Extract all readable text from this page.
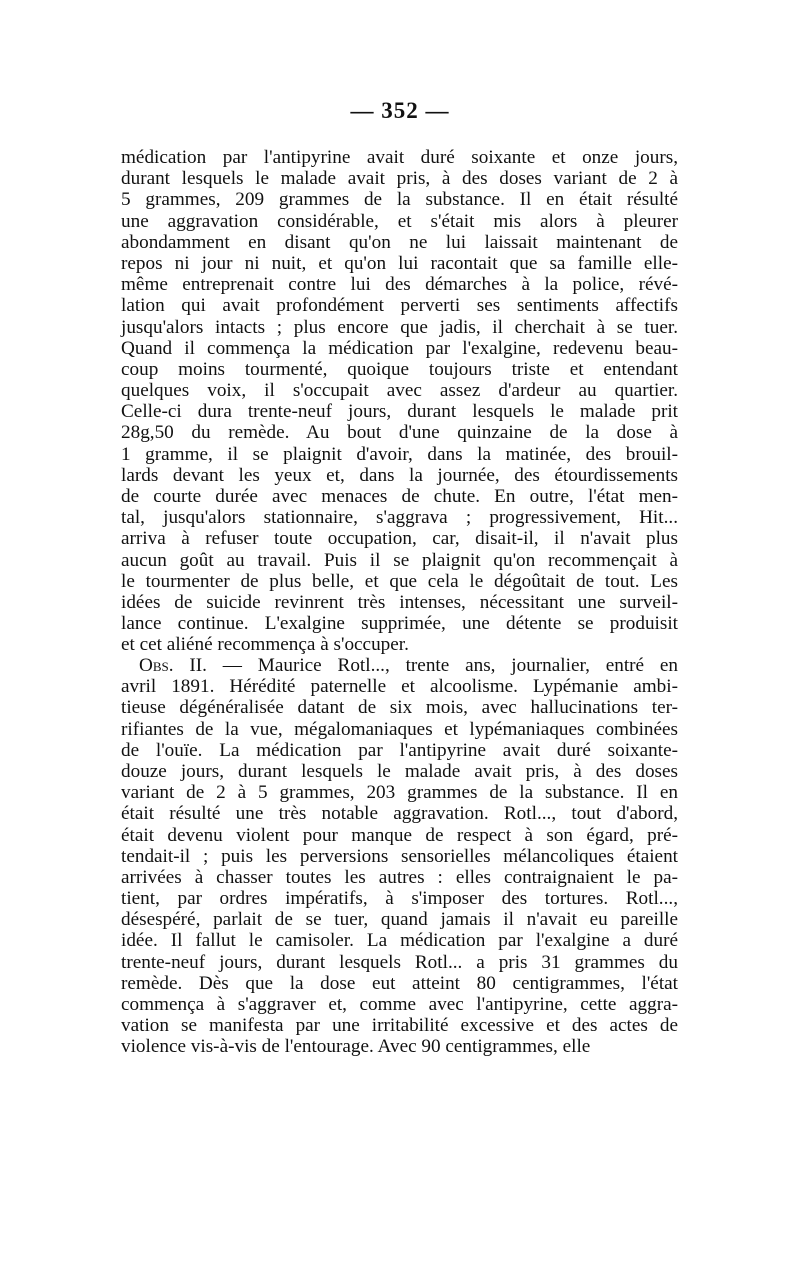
— 352 —
médication par l'antipyrine avait duré soixante et onze jours,
durant lesquels le malade avait pris, à des doses variant de 2 à
5 grammes, 209 grammes de la substance. Il en était résulté
une aggravation considérable, et s'était mis alors à pleurer
abondamment en disant qu'on ne lui laissait maintenant de
repos ni jour ni nuit, et qu'on lui racontait que sa famille elle-
même entreprenait contre lui des démarches à la police, révé-
lation qui avait profondément perverti ses sentiments affectifs
jusqu'alors intacts ; plus encore que jadis, il cherchait à se tuer.
Quand il commença la médication par l'exalgine, redevenu beau-
coup moins tourmenté, quoique toujours triste et entendant
quelques voix, il s'occupait avec assez d'ardeur au quartier.
Celle-ci dura trente-neuf jours, durant lesquels le malade prit
28g,50 du remède. Au bout d'une quinzaine de la dose à
1 gramme, il se plaignit d'avoir, dans la matinée, des brouil-
lards devant les yeux et, dans la journée, des étourdissements
de courte durée avec menaces de chute. En outre, l'état men-
tal, jusqu'alors stationnaire, s'aggrava ; progressivement, Hit...
arriva à refuser toute occupation, car, disait-il, il n'avait plus
aucun goût au travail. Puis il se plaignit qu'on recommençait à
le tourmenter de plus belle, et que cela le dégoûtait de tout. Les
idées de suicide revinrent très intenses, nécessitant une surveil-
lance continue. L'exalgine supprimée, une détente se produisit
et cet aliéné recommença à s'occuper.
Obs. II. — Maurice Rotl..., trente ans, journalier, entré en
avril 1891. Hérédité paternelle et alcoolisme. Lypémanie ambi-
tieuse dégénéralisée datant de six mois, avec hallucinations ter-
rifiantes de la vue, mégalomaniaques et lypémaniaques combinées
de l'ouïe. La médication par l'antipyrine avait duré soixante-
douze jours, durant lesquels le malade avait pris, à des doses
variant de 2 à 5 grammes, 203 grammes de la substance. Il en
était résulté une très notable aggravation. Rotl..., tout d'abord,
était devenu violent pour manque de respect à son égard, pré-
tendait-il ; puis les perversions sensorielles mélancoliques étaient
arrivées à chasser toutes les autres : elles contraignaient le pa-
tient, par ordres impératifs, à s'imposer des tortures. Rotl...,
désespéré, parlait de se tuer, quand jamais il n'avait eu pareille
idée. Il fallut le camisoler. La médication par l'exalgine a duré
trente-neuf jours, durant lesquels Rotl... a pris 31 grammes du
remède. Dès que la dose eut atteint 80 centigrammes, l'état
commença à s'aggraver et, comme avec l'antipyrine, cette aggra-
vation se manifesta par une irritabilité excessive et des actes de
violence vis-à-vis de l'entourage. Avec 90 centigrammes, elle
